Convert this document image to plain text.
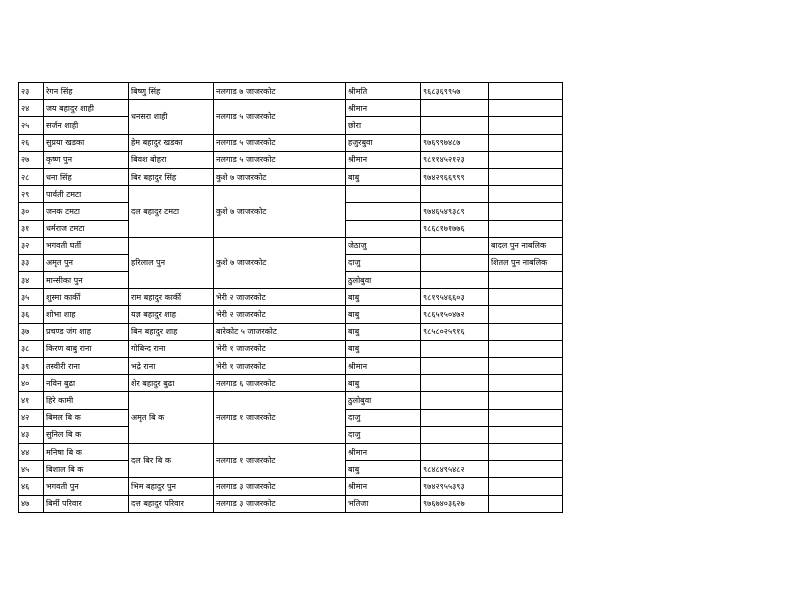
२३	रेगन सिंह	बिष्णु सिंह	नलगाड ७ जाजरकोट	श्रीमति	९६८३६९९५७	
२४	जय बहादुर शाही	धनसरा शाही	नलगाड ५ जाजरकोट	श्रीमान		
२५	सर्जन शाही			छोरा		
२६	सुप्रया खडका	हेम बहादुर खडका	नलगाड ५ जाजरकोट	हजुरबुवा	९७६९९७४८७	
२७	कृष्ण पुन	बिवश बोहरा	नलगाड ५ जाजरकोट	श्रीमान	९८११४५२१२३	
२८	धना सिंह	बिर बहादुर सिंह	कुशे ७ जाजरकोट	बाबु	९७४२९६६९९९	
२९	पार्वती टमटा	दल बहादुर टमटा	कुशे ७ जाजरकोट			
३०	जनक टमटा				९७४६५४९३८९	
३१	धर्मराज टमटा				९८६८१७१७७६	
३२	भगवती घर्ती	हरिलाल पुन	कुशे ७ जाजरकोट	जेठाजु		बादल पुन नाबलिक
३३	अमृत पुन			दाजु		शितल पुन नाबलिक
३४	मान्सीका पुन			ठुलोबुवा		
३५	शुस्मा कार्की	राम बहादुर कार्की	भेरी २ जाजरकोट	बाबु	९८१९५४६६०३	
३६	शोभा शाह	यज्ञ बहादुर शाह	भेरी २ जाजरकोट	बाबु	९८६५१५०४७२	
३७	प्रचण्ड जंग शाह	बिन बहादुर शाह	बारेकोट ५ जाजरकोट	बाबु	९८५८०२५९१६	
३८	किरण बाबु राना	गोबिन्द राना	भेरी १ जाजरकोट	बाबु		
३९	तस्वीरी राना	भद्रे राना	भेरी १ जाजरकोट	श्रीमान		
४०	नविन बुढा	शेर बहादुर बुढा	नलगाड ६ जाजरकोट	बाबु		
४१	हिरे कामी	अमृत बि क	नलगाड १ जाजरकोट	ठुलोबुवा		
४२	बिमल बि क			दाजु		
४३	सुनिल बि क			दाजु		
४४	मनिषा बि क	दल बिर बि क	नलगाड १ जाजरकोट	श्रीमान		
४५	बिशाल बि क			बाबु	९८४८४९५४८२	
४६	भगवती पुन	भिम बहादुर पुन	नलगाड ३ जाजरकोट	श्रीमान	९७४२९५५३९३	
४७	बिर्मी परिवार	दत्त बहादुर परिवार	नलगाड ३ जाजरकोट	भतिजा	९७६७४०३६२७	
